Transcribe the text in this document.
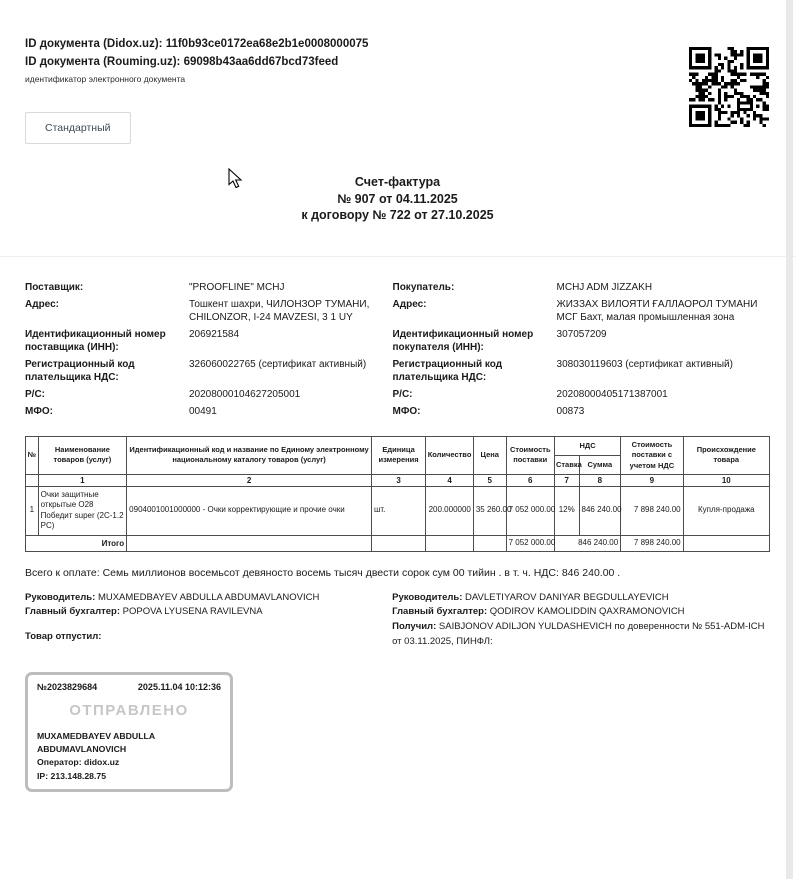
ID документа (Didox.uz): 11f0b93ce0172ea68e2b1e0008000075
ID документа (Rouming.uz): 69098b43aa6dd67bcd73feed
идентификатор электронного документа
Стандартный
Счет-фактура
№ 907 от 04.11.2025
к договору № 722 от 27.10.2025
Поставщик:	"PROOFLINE" MCHJ
Адрес:	Тошкент шахри, ЧИЛОНЗОР ТУМАНИ, CHILONZOR, I-24 MAVZESI, 3 1 UY
Идентификационный номер поставщика (ИНН):
206921584
Регистрационный код плательщика НДС:
326060022765 (сертификат активный)
Р/С:	20208000104627205001
МФО:	00491
Покупатель:	MCHJ ADM JIZZAKH
Адрес:	ЖИЗЗАХ ВИЛОЯТИ ҒАЛЛАОРОЛ ТУМАНИ МСГ Бахт, малая промышленная зона
Идентификационный номер покупателя (ИНН):
307057209
Регистрационный код плательщика НДС:
308030119603 (сертификат активный)
Р/С:	20208000405171387001
МФО:	00873
№	Наименование товаров (услуг)	Идентификационный код и название по Единому электронному национальному каталогу товаров (услуг)	Единица измерения	Количество	Цена	Стоимость поставки	НДС		Стоимость поставки с учетом НДС	Происхождение товара
							Ставка	Сумма		
	1	2	3	4	5	6	7	8	9	10
1	Очки защитные открытые O28 Победит super (2С-1.2 PC)	0904001001000000 - Очки корректирующие и прочие очки	шт.	200.000000	35 260.00	7 052 000.00	12%	846 240.00	7 898 240.00	Купля-продажа
Итого						7 052 000.00	846 240.00		7 898 240.00	
Всего к оплате: Семь миллионов восемьсот девяносто восемь тысяч двести сорок сум 00 тийин . в т. ч. НДС: 846 240.00 .
Руководитель: MUXAMEDBAYEV ABDULLA ABDUMAVLANOVICH
Главный бухгалтер: POPOVA LYUSENA RAVILEVNA
Товар отпустил:
Руководитель: DAVLETIYAROV DANIYAR BEGDULLAYEVICH
Главный бухгалтер: QODIROV KAMOLIDDIN QAXRAMONOVICH
Получил: SAIBJONOV ADILJON YULDASHEVICH по доверенности № 551-ADM-ICH от 03.11.2025, ПИНФЛ:
№2023829684	2025.11.04 10:12:36
ОТПРАВЛЕНО
MUXAMEDBAYEV ABDULLA ABDUMAVLANOVICH
Оператор: didox.uz
IP: 213.148.28.75
